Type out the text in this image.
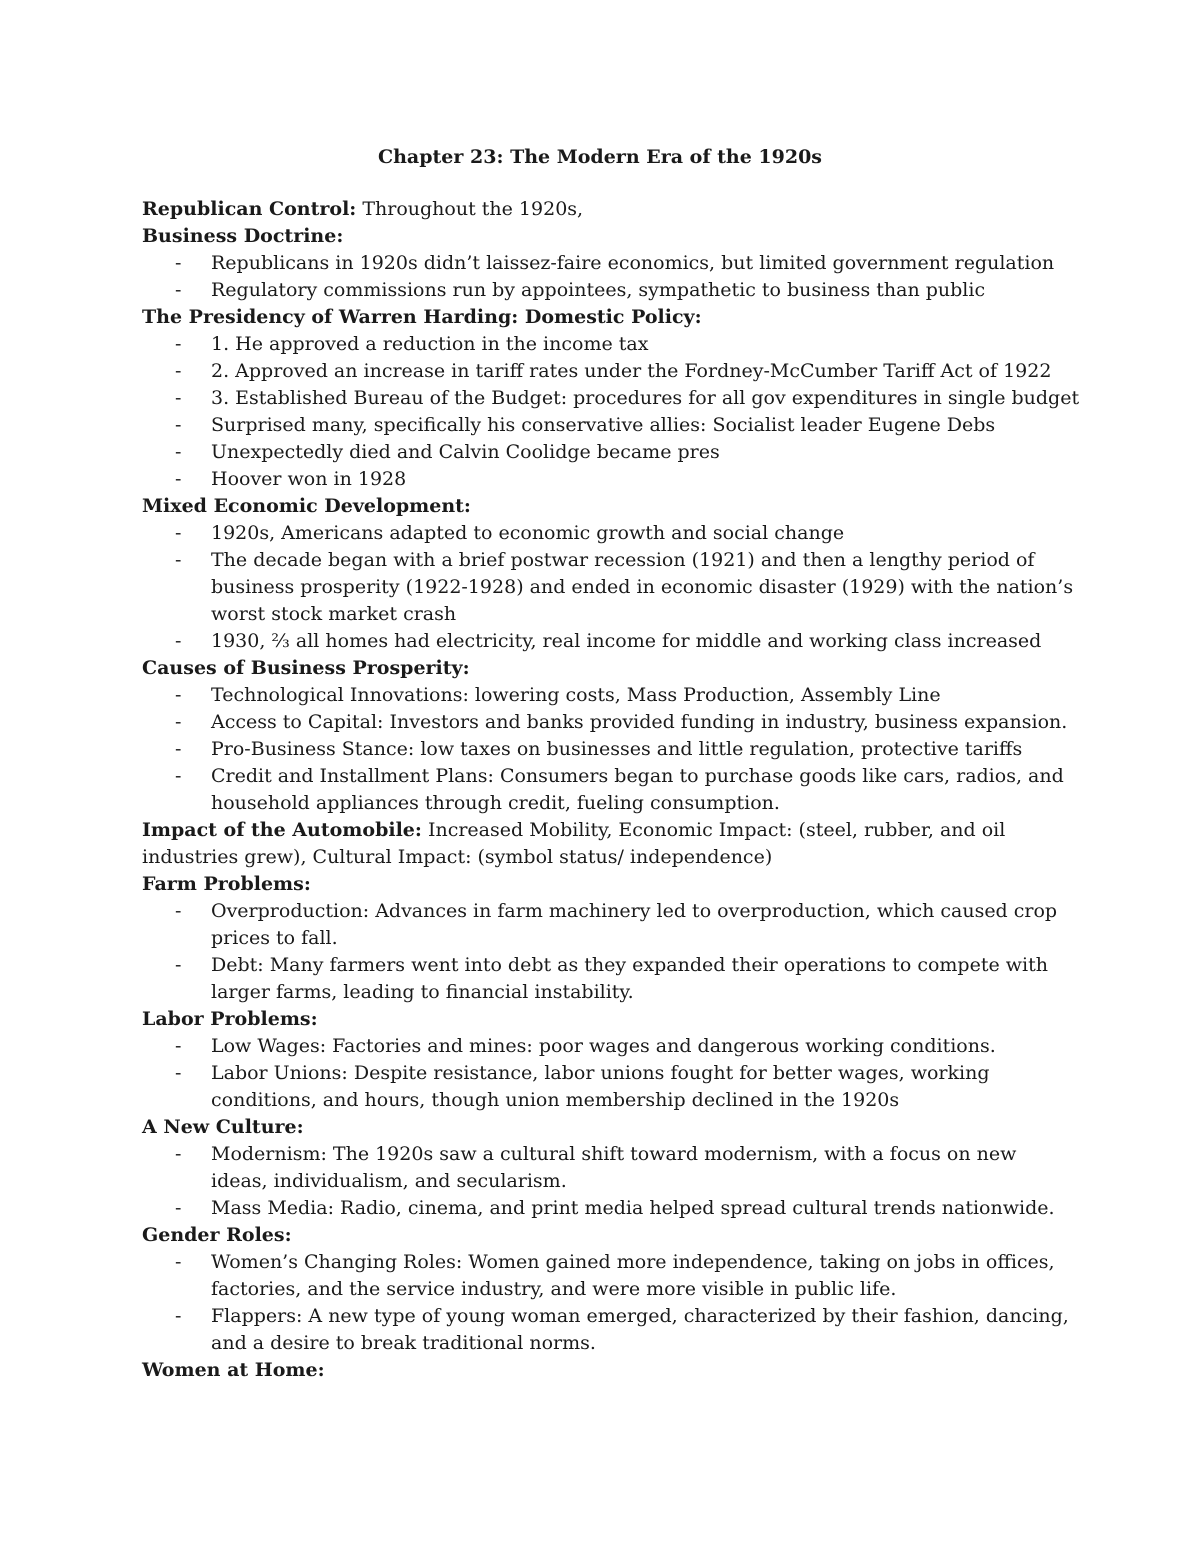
Chapter 23: The Modern Era of the 1920s

Republican Control: Throughout the 1920s,

Business Doctrine:

- Republicans in 1920s didn’t laissez-faire economics, but limited government regulation
- Regulatory commissions run by appointees, sympathetic to business than public

The Presidency of Warren Harding: Domestic Policy:

- 1. He approved a reduction in the income tax
- 2. Approved an increase in tariff rates under the Fordney-McCumber Tariff Act of 1922
- 3. Established Bureau of the Budget: procedures for all gov expenditures in single budget
- Surprised many, specifically his conservative allies: Socialist leader Eugene Debs
- Unexpectedly died and Calvin Coolidge became pres
- Hoover won in 1928

Mixed Economic Development:

- 1920s, Americans adapted to economic growth and social change
- The decade began with a brief postwar recession (1921) and then a lengthy period of
business prosperity (1922-1928) and ended in economic disaster (1929) with the nation’s
worst stock market crash
- 1930, ⅔ all homes had electricity, real income for middle and working class increased

Causes of Business Prosperity:

- Technological Innovations: lowering costs, Mass Production, Assembly Line
- Access to Capital: Investors and banks provided funding in industry, business expansion.
- Pro-Business Stance: low taxes on businesses and little regulation, protective tariffs
- Credit and Installment Plans: Consumers began to purchase goods like cars, radios, and
household appliances through credit, fueling consumption.

Impact of the Automobile: Increased Mobility, Economic Impact: (steel, rubber, and oil

industries grew), Cultural Impact: (symbol status/ independence)

Farm Problems:

- Overproduction: Advances in farm machinery led to overproduction, which caused crop
prices to fall.
- Debt: Many farmers went into debt as they expanded their operations to compete with
larger farms, leading to financial instability.

Labor Problems:

- Low Wages: Factories and mines: poor wages and dangerous working conditions.
- Labor Unions: Despite resistance, labor unions fought for better wages, working
conditions, and hours, though union membership declined in the 1920s

A New Culture:

- Modernism: The 1920s saw a cultural shift toward modernism, with a focus on new
ideas, individualism, and secularism.
- Mass Media: Radio, cinema, and print media helped spread cultural trends nationwide.

Gender Roles:

- Women’s Changing Roles: Women gained more independence, taking on jobs in offices,
factories, and the service industry, and were more visible in public life.
- Flappers: A new type of young woman emerged, characterized by their fashion, dancing,
and a desire to break traditional norms.

Women at Home:
